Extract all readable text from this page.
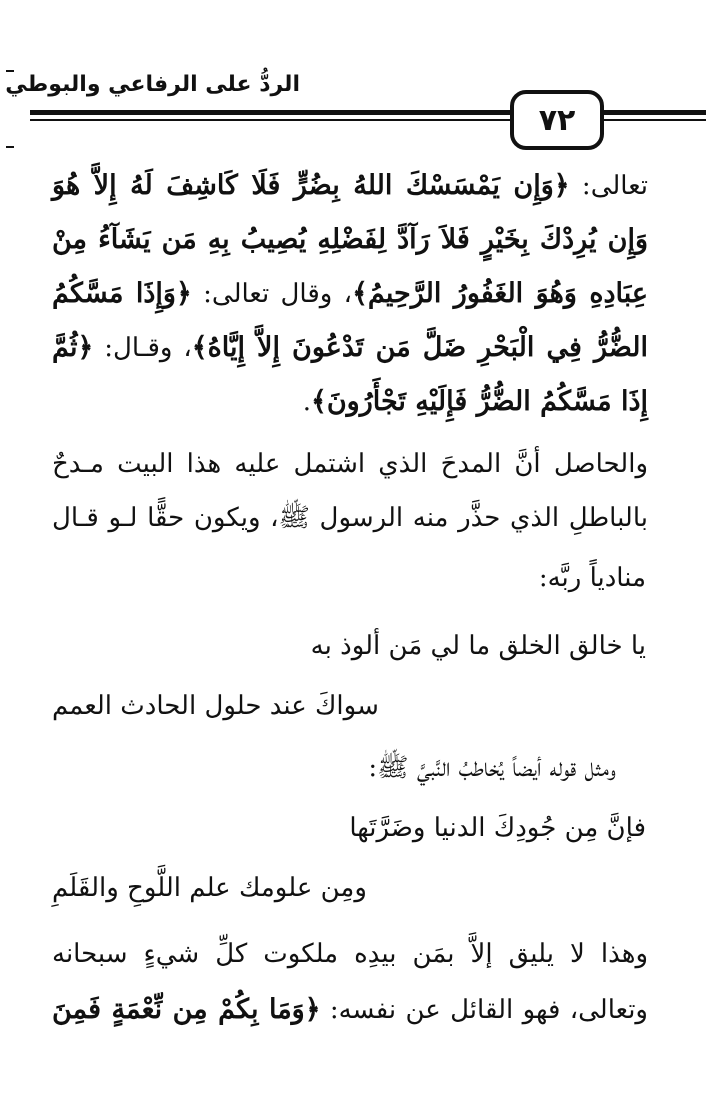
الردُّ على الرفاعي والبوطي
٧٢
تعالى: ﴿وَإِن يَمْسَسْكَ اللهُ بِضُرٍّ فَلَا كَاشِفَ لَهُ إِلاَّ هُوَ
وَإِن يُرِدْكَ بِخَيْرٍ فَلاَ رَآدَّ لِفَضْلِهِ يُصِيبُ بِهِ مَن يَشَآءُ مِنْ
عِبَادِهِ وَهُوَ الغَفُورُ الرَّحِيمُ﴾، وقال تعالى: ﴿وَإِذَا مَسَّكُمُ
الضُّرُّ فِي الْبَحْرِ ضَلَّ مَن تَدْعُونَ إِلاَّ إِيَّاهُ﴾، وقـال: ﴿ثُمَّ
إِذَا مَسَّكُمُ الضُّرُّ فَإِلَيْهِ تَجْأَرُونَ﴾.
والحاصل أنَّ المدحَ الذي اشتمل عليه هذا البيت مـدحٌ
بالباطلِ الذي حذَّر منه الرسول ﷺ، ويكون حقًّا لـو قـال
منادياً ربَّه:
يا خالق الخلق ما لي مَن ألوذ به
سواكَ عند حلول الحادث العمم
ومثل قوله أيضاً يُخاطبُ النَّبيَّ ﷺ:
فإنَّ مِن جُودِكَ الدنيا وضَرَّتَها
ومِن علومك علم اللَّوحِ والقَلَمِ
وهذا لا يليق إلاَّ بمَن بيدِه ملكوت كلِّ شيءٍ سبحانه
وتعالى، فهو القائل عن نفسه: ﴿وَمَا بِكُمْ مِن نِّعْمَةٍ فَمِنَ
